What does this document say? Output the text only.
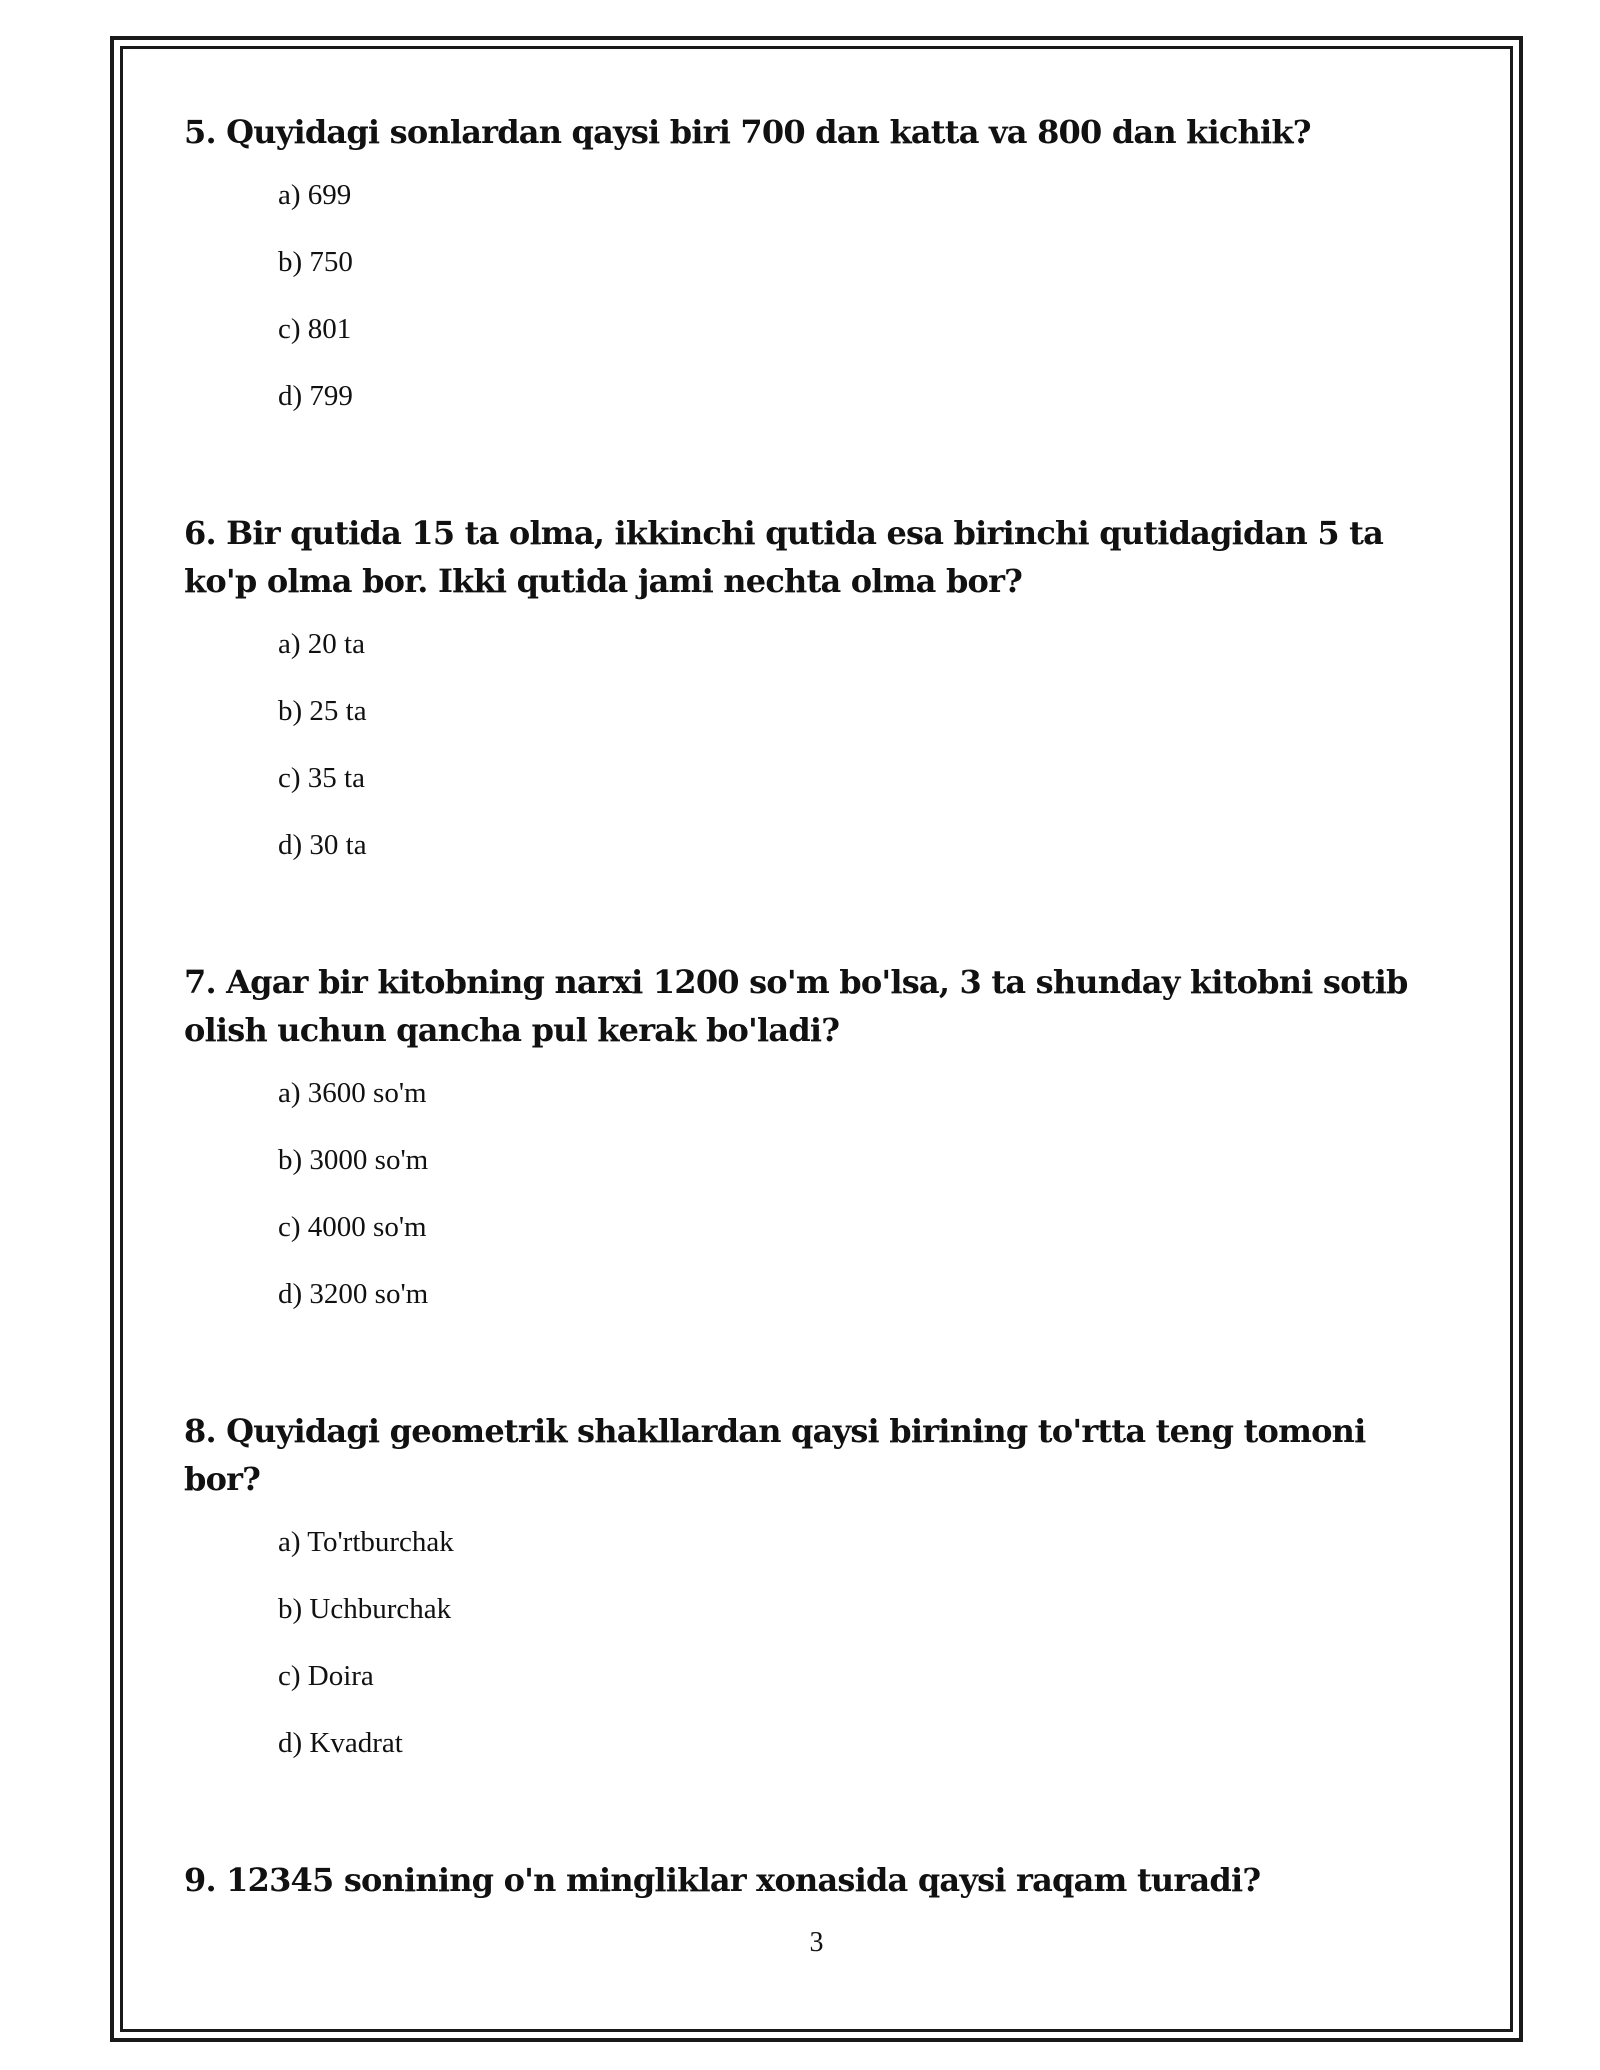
5. Quyidagi sonlardan qaysi biri 700 dan katta va 800 dan kichik?

a) 699
b) 750
c) 801
d) 799

6. Bir qutida 15 ta olma, ikkinchi qutida esa birinchi qutidagidan 5 ta ko'p olma bor. Ikki qutida jami nechta olma bor?

a) 20 ta
b) 25 ta
c) 35 ta
d) 30 ta

7. Agar bir kitobning narxi 1200 so'm bo'lsa, 3 ta shunday kitobni sotib olish uchun qancha pul kerak bo'ladi?

a) 3600 so'm
b) 3000 so'm
c) 4000 so'm
d) 3200 so'm

8. Quyidagi geometrik shakllardan qaysi birining to'rtta teng tomoni bor?

a) To'rtburchak
b) Uchburchak
c) Doira
d) Kvadrat

9. 12345 sonining o'n mingliklar xonasida qaysi raqam turadi?

3
